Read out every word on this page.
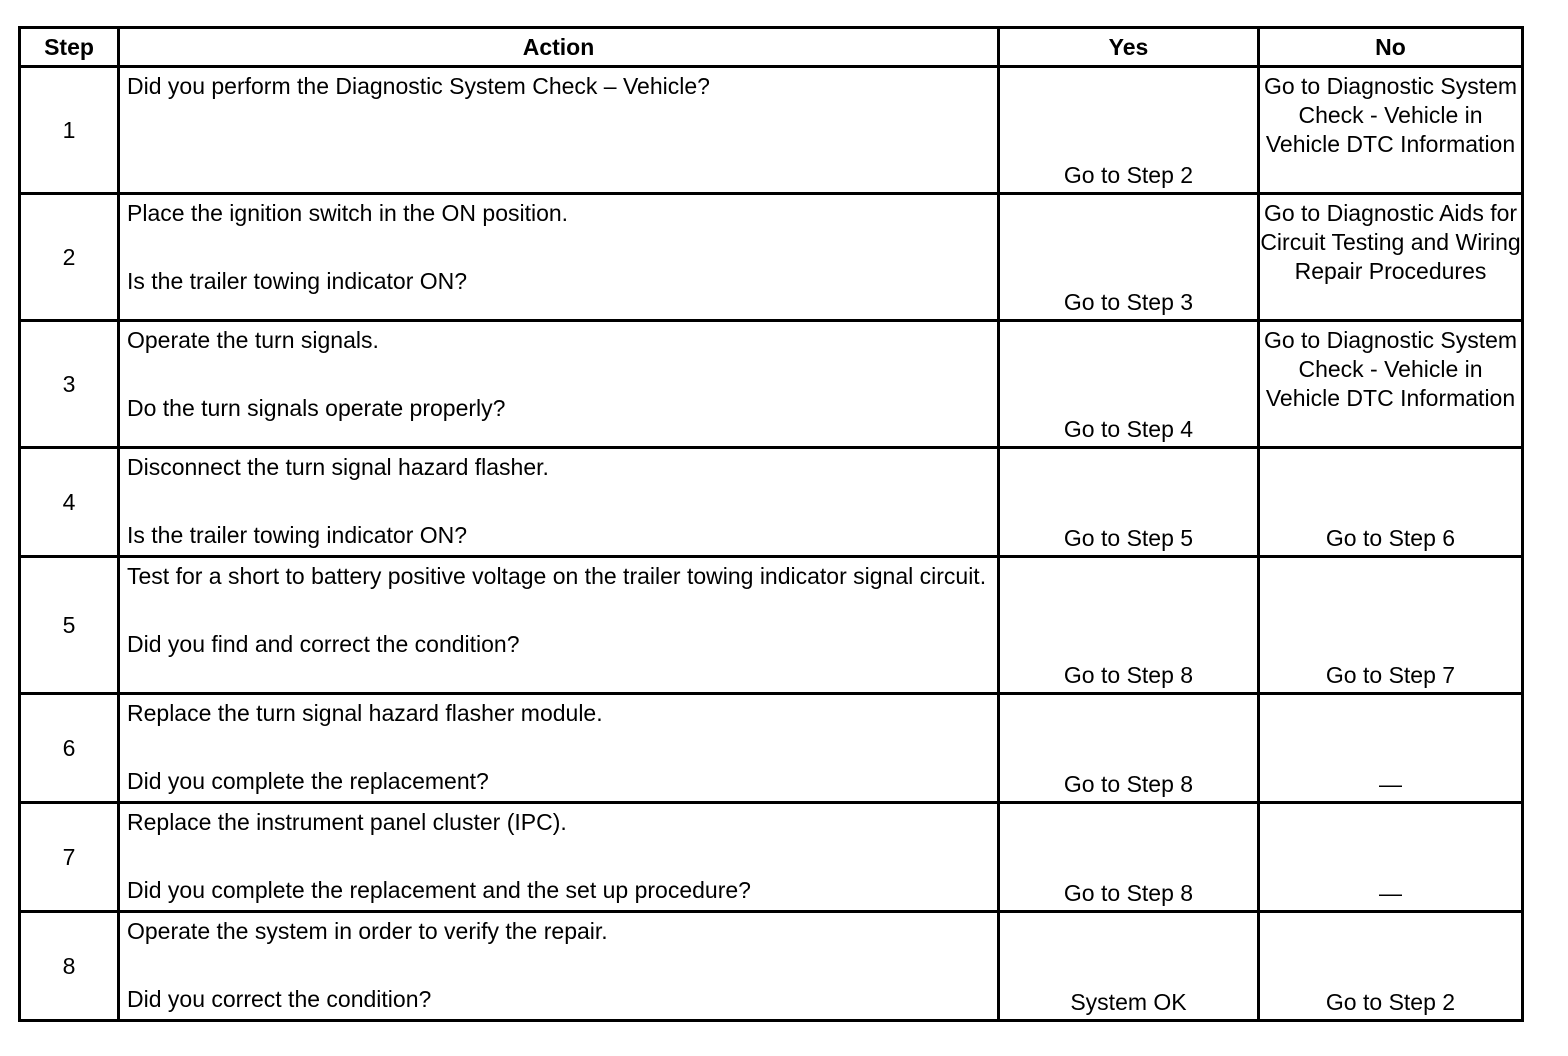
Step	Action	Yes	No
1	Did you perform the Diagnostic System Check – Vehicle?	Go to Step 2	Go to Diagnostic System Check - Vehicle in Vehicle DTC Information
2	Place the ignition switch in the ON position.
Is the trailer towing indicator ON?	Go to Step 3	Go to Diagnostic Aids for Circuit Testing and Wiring Repair Procedures
3	Operate the turn signals.
Do the turn signals operate properly?	Go to Step 4	Go to Diagnostic System Check - Vehicle in Vehicle DTC Information
4	Disconnect the turn signal hazard flasher.
Is the trailer towing indicator ON?	Go to Step 5	Go to Step 6
5	Test for a short to battery positive voltage on the trailer towing indicator signal circuit.
Did you find and correct the condition?	Go to Step 8	Go to Step 7
6	Replace the turn signal hazard flasher module.
Did you complete the replacement?	Go to Step 8	—
7	Replace the instrument panel cluster (IPC).
Did you complete the replacement and the set up procedure?	Go to Step 8	—
8	Operate the system in order to verify the repair.
Did you correct the condition?	System OK	Go to Step 2
